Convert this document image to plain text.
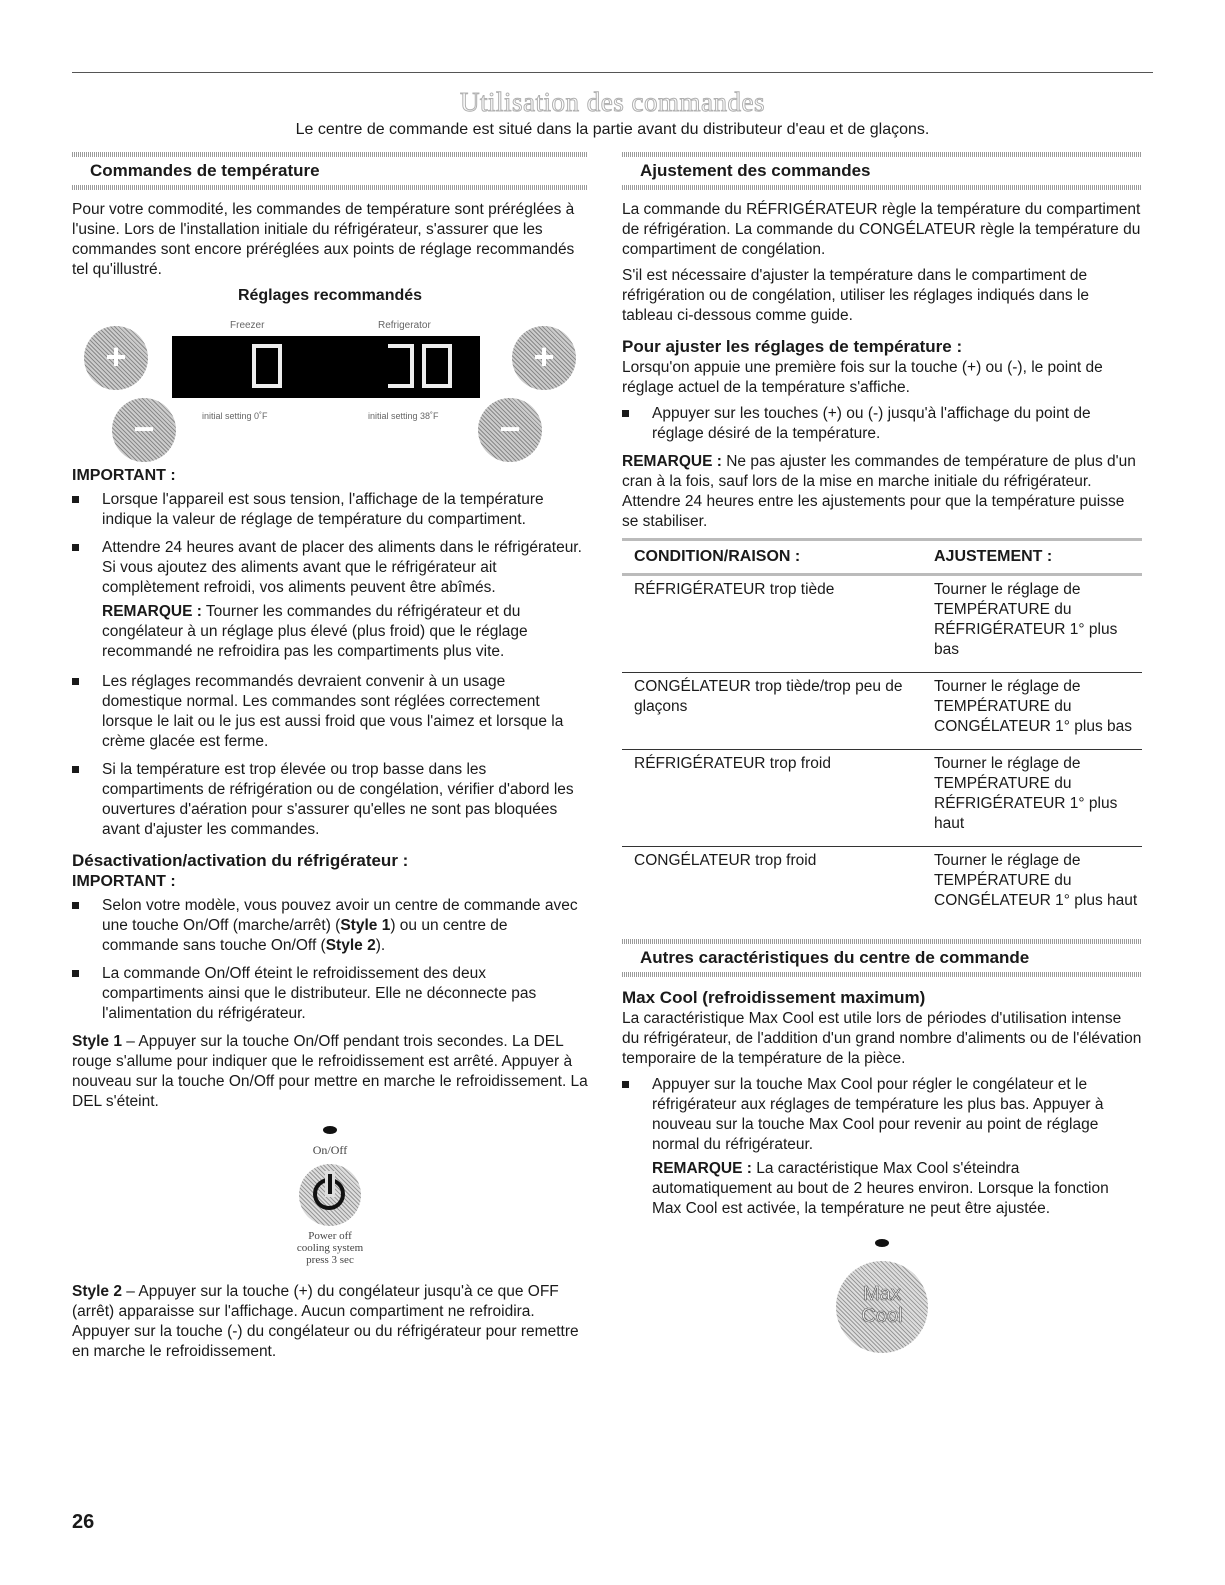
Utilisation des commandes
Le centre de commande est situé dans la partie avant du distributeur d'eau et de glaçons.
Commandes de température

Pour votre commodité, les commandes de température sont préréglées à l'usine. Lors de l'installation initiale du réfrigérateur, s'assurer que les commandes sont encore préréglées aux points de réglage recommandés tel qu'illustré.

Réglages recommandés
Freezer	Refrigerator
+
−
+
−
initial setting 0˚F	initial setting 38˚F
IMPORTANT :
Lorsque l'appareil est sous tension, l'affichage de la température indique la valeur de réglage de température du compartiment.
Attendre 24 heures avant de placer des aliments dans le réfrigérateur. Si vous ajoutez des aliments avant que le réfrigérateur ait complètement refroidi, vos aliments peuvent être abîmés.

REMARQUE : Tourner les commandes du réfrigérateur et du congélateur à un réglage plus élevé (plus froid) que le réglage recommandé ne refroidira pas les compartiments plus vite.

Les réglages recommandés devraient convenir à un usage domestique normal. Les commandes sont réglées correctement lorsque le lait ou le jus est aussi froid que vous l'aimez et lorsque la crème glacée est ferme.
Si la température est trop élevée ou trop basse dans les compartiments de réfrigération ou de congélation, vérifier d'abord les ouvertures d'aération pour s'assurer qu'elles ne sont pas bloquées avant d'ajuster les commandes.
Désactivation/activation du réfrigérateur :
IMPORTANT :
Selon votre modèle, vous pouvez avoir un centre de commande avec une touche On/Off (marche/arrêt) (Style 1) ou un centre de commande sans touche On/Off (Style 2).
La commande On/Off éteint le refroidissement des deux compartiments ainsi que le distributeur. Elle ne déconnecte pas l'alimentation du réfrigérateur.

Style 1 – Appuyer sur la touche On/Off pendant trois secondes. La DEL rouge s'allume pour indiquer que le refroidissement est arrêté. Appuyer à nouveau sur la touche On/Off pour mettre en marche le refroidissement. La DEL s'éteint.

On/Off
Power off
cooling system
press 3 sec

Style 2 – Appuyer sur la touche (+) du congélateur jusqu'à ce que OFF (arrêt) apparaisse sur l'affichage. Aucun compartiment ne refroidira. Appuyer sur la touche (-) du congélateur ou du réfrigérateur pour remettre en marche le refroidissement.

Ajustement des commandes

La commande du RÉFRIGÉRATEUR règle la température du compartiment de réfrigération. La commande du CONGÉLATEUR règle la température du compartiment de congélation.

S'il est nécessaire d'ajuster la température dans le compartiment de réfrigération ou de congélation, utiliser les réglages indiqués dans le tableau ci-dessous comme guide.

Pour ajuster les réglages de température :

Lorsqu'on appuie une première fois sur la touche (+) ou (-), le point de réglage actuel de la température s'affiche.

Appuyer sur les touches (+) ou (-) jusqu'à l'affichage du point de réglage désiré de la température.

REMARQUE : Ne pas ajuster les commandes de température de plus d'un cran à la fois, sauf lors de la mise en marche initiale du réfrigérateur. Attendre 24 heures entre les ajustements pour que la température puisse se stabiliser.

CONDITION/RAISON :	AJUSTEMENT :
RÉFRIGÉRATEUR trop tiède	Tourner le réglage de TEMPÉRATURE du RÉFRIGÉRATEUR 1° plus bas
CONGÉLATEUR trop tiède/trop peu de glaçons	Tourner le réglage de TEMPÉRATURE du CONGÉLATEUR 1° plus bas
RÉFRIGÉRATEUR trop froid	Tourner le réglage de TEMPÉRATURE du RÉFRIGÉRATEUR 1° plus haut
CONGÉLATEUR trop froid	Tourner le réglage de TEMPÉRATURE du CONGÉLATEUR 1° plus haut
Autres caractéristiques du centre de commande
Max Cool (refroidissement maximum)

La caractéristique Max Cool est utile lors de périodes d'utilisation intense du réfrigérateur, de l'addition d'un grand nombre d'aliments ou de l'élévation temporaire de la température de la pièce.

Appuyer sur la touche Max Cool pour régler le congélateur et le réfrigérateur aux réglages de température les plus bas. Appuyer à nouveau sur la touche Max Cool pour revenir au point de réglage normal du réfrigérateur.

REMARQUE : La caractéristique Max Cool s'éteindra automatiquement au bout de 2 heures environ. Lorsque la fonction Max Cool est activée, la température ne peut être ajustée.

Max
Cool
26
